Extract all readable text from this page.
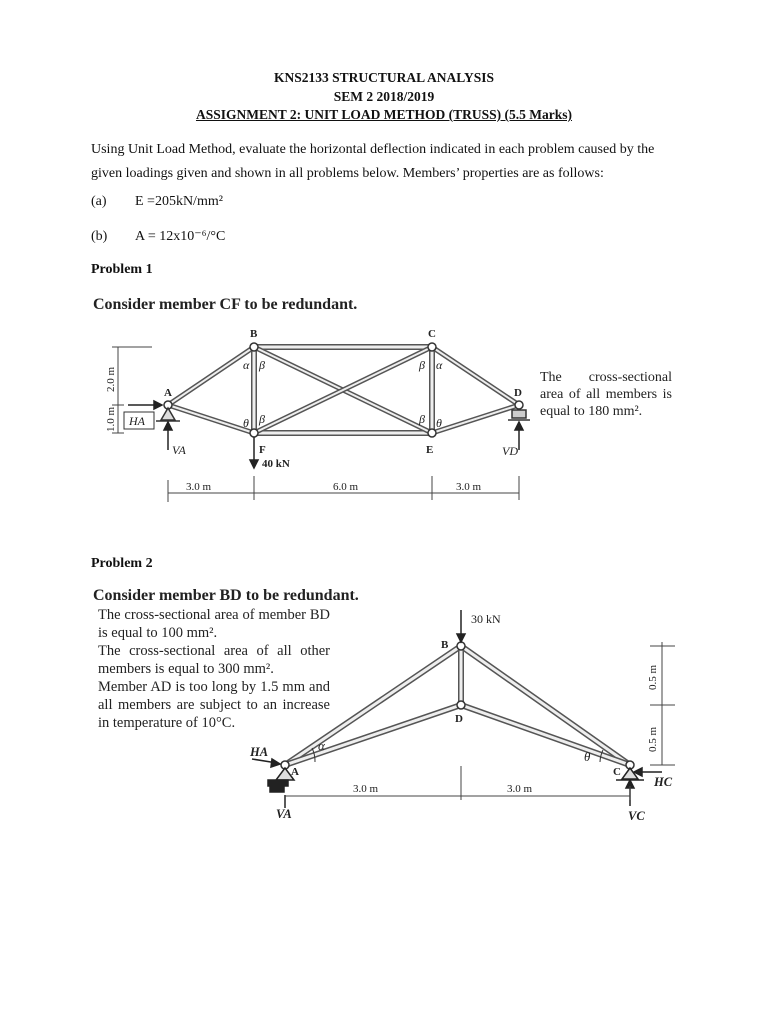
KNS2133 STRUCTURAL ANALYSIS
SEM 2 2018/2019
ASSIGNMENT 2: UNIT LOAD METHOD (TRUSS) (5.5 Marks)
Using Unit Load Method, evaluate the horizontal deflection indicated in each problem caused by the given loadings given and shown in all problems below. Members’ properties are as follows:
(a) E =205kN/mm²
(b) A = 12x10⁻⁶/°C
Problem 1
Consider member CF to be redundant.
B	C
A	D
F	E
α β	β α
θ β	β θ
HA
VA	VD
40 kN
2.0 m
1.0 m
3.0 m	6.0 m	3.0 m
The cross-sectional area of all members is equal to 180 mm².
Problem 2
Consider member BD to be redundant.
B
D
A	C
α
θ
HA
VA
HC
VC
30 kN
0.5 m
0.5 m
3.0 m	3.0 m
The cross-sectional area of member BD is equal to 100 mm².
The cross-sectional area of all other members is equal to 300 mm².
Member AD is too long by 1.5 mm and all members are subject to an increase in temperature of 10°C.
